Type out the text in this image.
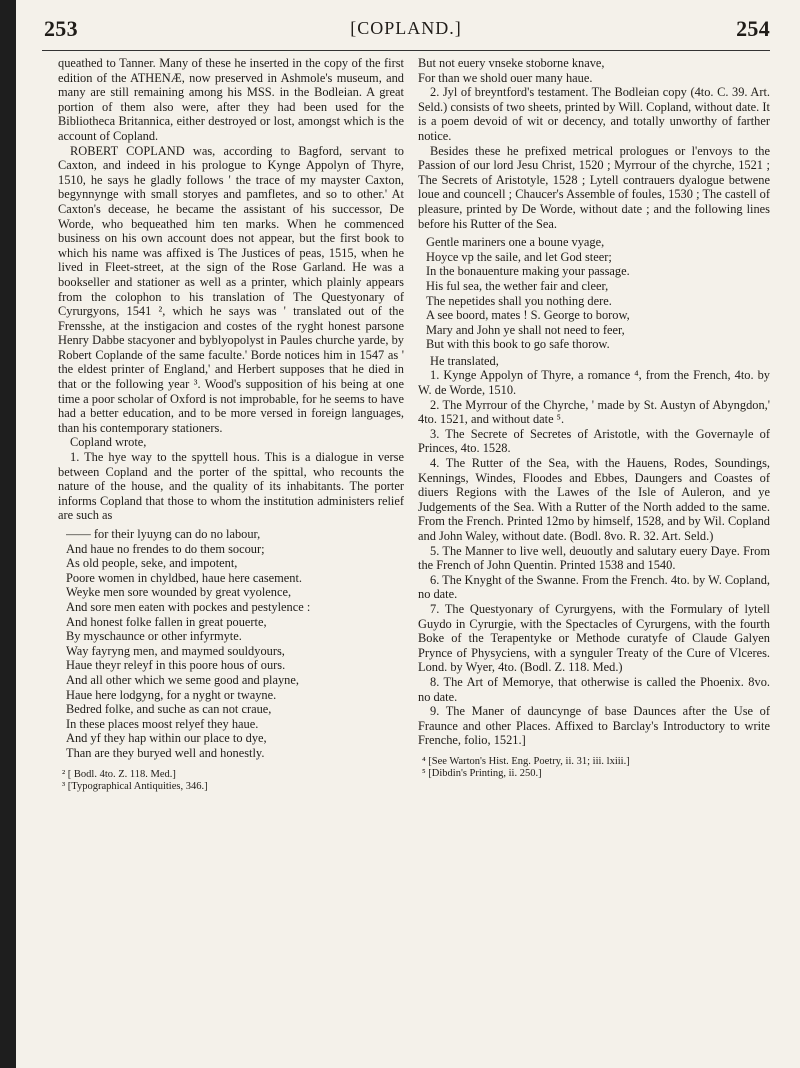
253	[COPLAND.]	254

queathed to Tanner. Many of these he inserted in the copy of the first edition of the ATHENÆ, now preserved in Ashmole's museum, and many are still remaining among his MSS. in the Bodleian. A great portion of them also were, after they had been used for the Bibliotheca Britannica, either destroyed or lost, amongst which is the account of Copland.

ROBERT COPLAND was, according to Bagford, servant to Caxton, and indeed in his prologue to Kynge Appolyn of Thyre, 1510, he says he gladly follows ' the trace of my mayster Caxton, begynnynge with small storyes and pamfletes, and so to other.' At Caxton's decease, he became the assistant of his successor, De Worde, who bequeathed him ten marks. When he commenced business on his own account does not appear, but the first book to which his name was affixed is The Justices of peas, 1515, when he lived in Fleet-street, at the sign of the Rose Garland. He was a bookseller and stationer as well as a printer, which plainly appears from the colophon to his translation of The Questyonary of Cyrurgyons, 1541 ², which he says was ' translated out of the Frensshe, at the instigacion and costes of the ryght honest parsone Henry Dabbe stacyoner and byblyopolyst in Paules churche yarde, by Robert Coplande of the same faculte.' Borde notices him in 1547 as ' the eldest printer of England,' and Herbert supposes that he died in that or the following year ³. Wood's supposition of his being at one time a poor scholar of Oxford is not improbable, for he seems to have had a better education, and to be more versed in foreign languages, than his contemporary stationers.

Copland wrote,

1. The hye way to the spyttell hous. This is a dialogue in verse between Copland and the porter of the spittal, who recounts the nature of the house, and the quality of its inhabitants. The porter informs Copland that those to whom the institution administers relief are such as

—— for their lyuyng can do no labour,
And haue no frendes to do them socour;
As old people, seke, and impotent,
Poore women in chyldbed, haue here casement.
Weyke men sore wounded by great vyolence,
And sore men eaten with pockes and pestylence :
And honest folke fallen in great pouerte,
By myschaunce or other infyrmyte.
Way fayryng men, and maymed souldyours,
Haue theyr releyf in this poore hous of ours.
And all other which we seme good and playne,
Haue here lodgyng, for a nyght or twayne.
Bedred folke, and suche as can not craue,
In these places moost relyef they haue.
And yf they hap within our place to dye,
Than are they buryed well and honestly.
² [ Bodl. 4to. Z. 118. Med.]
³ [Typographical Antiquities, 346.]
But not euery vnseke stoborne knave,
For than we shold ouer many haue.

2. Jyl of breyntford's testament. The Bodleian copy (4to. C. 39. Art. Seld.) consists of two sheets, printed by Will. Copland, without date. It is a poem devoid of wit or decency, and totally unworthy of farther notice.

Besides these he prefixed metrical prologues or l'envoys to the Passion of our lord Jesu Christ, 1520 ; Myrrour of the chyrche, 1521 ; The Secrets of Aristotyle, 1528 ; Lytell contrauers dyalogue betwene loue and councell ; Chaucer's Assemble of foules, 1530 ; The castell of pleasure, printed by De Worde, without date ; and the following lines before his Rutter of the Sea.

Gentle mariners one a boune vyage,
Hoyce vp the saile, and let God steer;
In the bonauenture making your passage.
His ful sea, the wether fair and cleer,
The nepetides shall you nothing dere.
A see boord, mates ! S. George to borow,
Mary and John ye shall not need to feer,
But with this book to go safe thorow.

He translated,

1. Kynge Appolyn of Thyre, a romance ⁴, from the French, 4to. by W. de Worde, 1510.

2. The Myrrour of the Chyrche, ' made by St. Austyn of Abyngdon,' 4to. 1521, and without date ⁵.

3. The Secrete of Secretes of Aristotle, with the Governayle of Princes, 4to. 1528.

4. The Rutter of the Sea, with the Hauens, Rodes, Soundings, Kennings, Windes, Floodes and Ebbes, Daungers and Coastes of diuers Regions with the Lawes of the Isle of Auleron, and ye Judgements of the Sea. With a Rutter of the North added to the same. From the French. Printed 12mo by himself, 1528, and by Wil. Copland and John Waley, without date. (Bodl. 8vo. R. 32. Art. Seld.)

5. The Manner to live well, deuoutly and salutary euery Daye. From the French of John Quentin. Printed 1538 and 1540.

6. The Knyght of the Swanne. From the French. 4to. by W. Copland, no date.

7. The Questyonary of Cyrurgyens, with the Formulary of lytell Guydo in Cyrurgie, with the Spectacles of Cyrurgens, with the fourth Boke of the Terapentyke or Methode curatyfe of Claude Galyen Prynce of Physyciens, with a synguler Treaty of the Cure of Vlceres. Lond. by Wyer, 4to. (Bodl. Z. 118. Med.)

8. The Art of Memorye, that otherwise is called the Phoenix. 8vo. no date.

9. The Maner of dauncynge of base Daunces after the Use of Fraunce and other Places. Affixed to Barclay's Introductory to write Frenche, folio, 1521.]

⁴ [See Warton's Hist. Eng. Poetry, ii. 31; iii. lxiii.]
⁵ [Dibdin's Printing, ii. 250.]
